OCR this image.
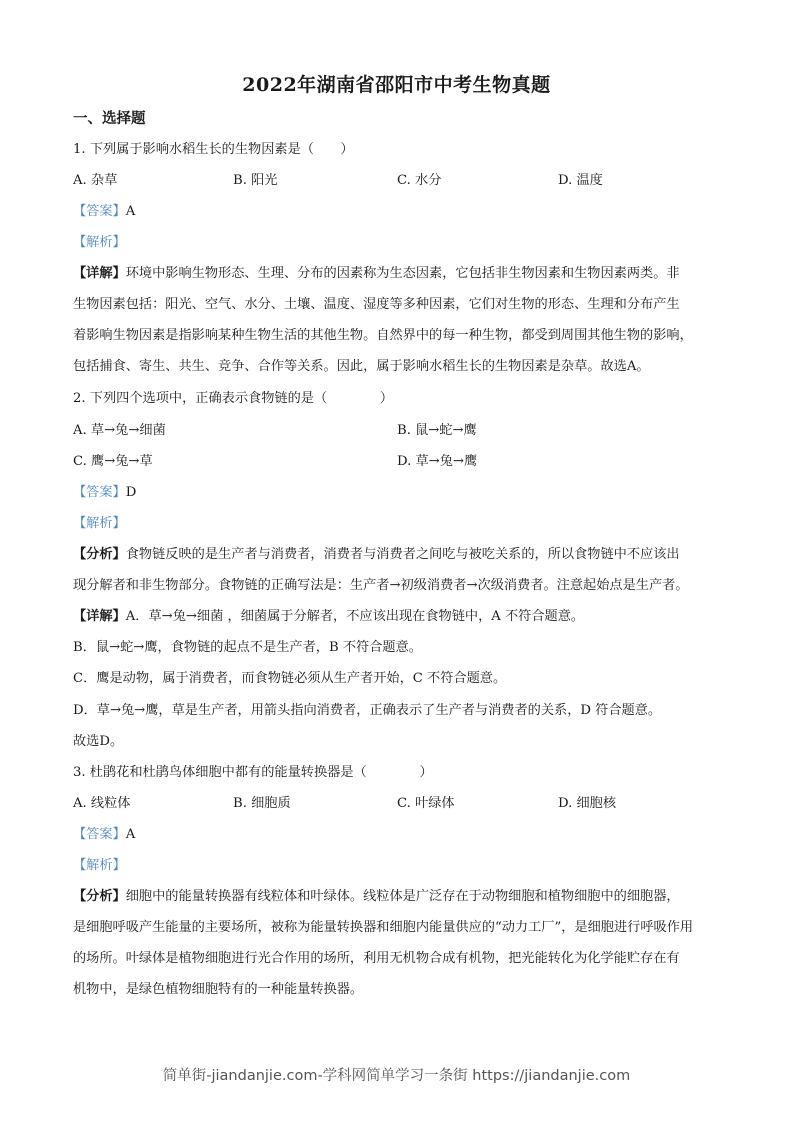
2022年湖南省邵阳市中考生物真题
一、选择题
1. 下列属于影响水稻生长的生物因素是（　　）
A. 杂草	B. 阳光	C. 水分	D. 温度
【答案】A
【解析】
【详解】环境中影响生物形态、生理、分布的因素称为生态因素，它包括非生物因素和生物因素两类。非
生物因素包括：阳光、空气、水分、土壤、温度、湿度等多种因素，它们对生物的形态、生理和分布产生
着影响生物因素是指影响某种生物生活的其他生物。自然界中的每一种生物，都受到周围其他生物的影响，
包括捕食、寄生、共生、竞争、合作等关系。因此，属于影响水稻生长的生物因素是杂草。故选A。
2. 下列四个选项中，正确表示食物链的是（　　　　）
A. 草→兔→细菌	B. 鼠→蛇→鹰
C. 鹰→兔→草	D. 草→兔→鹰
【答案】D
【解析】
【分析】食物链反映的是生产者与消费者，消费者与消费者之间吃与被吃关系的，所以食物链中不应该出
现分解者和非生物部分。食物链的正确写法是：生产者→初级消费者→次级消费者。注意起始点是生产者。
【详解】A．草→兔→细菌 ，细菌属于分解者，不应该出现在食物链中，A 不符合题意。
B．鼠→蛇→鹰，食物链的起点不是生产者，B 不符合题意。
C．鹰是动物，属于消费者，而食物链必须从生产者开始，C 不符合题意。
D．草→兔→鹰，草是生产者，用箭头指向消费者，正确表示了生产者与消费者的关系，D 符合题意。
故选D。
3. 杜鹃花和杜鹃鸟体细胞中都有的能量转换器是（　　　　）
A. 线粒体	B. 细胞质	C. 叶绿体	D. 细胞核
【答案】A
【解析】
【分析】细胞中的能量转换器有线粒体和叶绿体。线粒体是广泛存在于动物细胞和植物细胞中的细胞器，
是细胞呼吸产生能量的主要场所，被称为能量转换器和细胞内能量供应的“动力工厂”，是细胞进行呼吸作用
的场所。叶绿体是植物细胞进行光合作用的场所，利用无机物合成有机物，把光能转化为化学能贮存在有
机物中，是绿色植物细胞特有的一种能量转换器。
简单街-jiandanjie.com-学科网简单学习一条街 https://jiandanjie.com
